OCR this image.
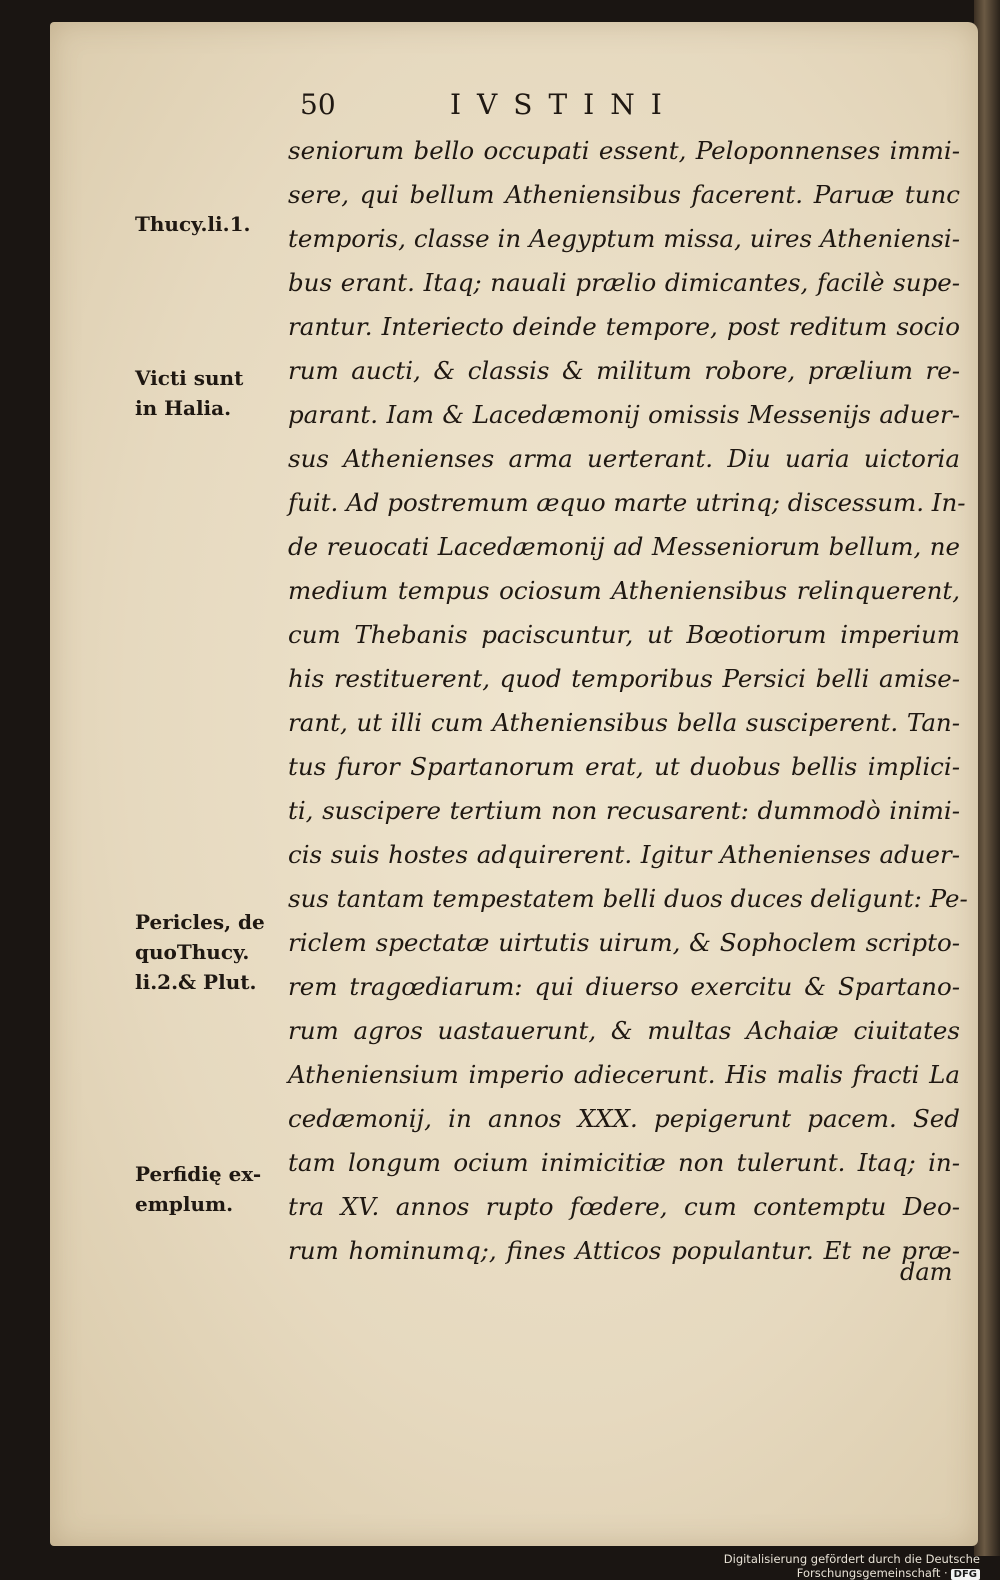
50	IVSTINI
Thucy.li.1.
Victi sunt
in Halia.
Pericles, de
quoThucy.
li.2.& Plut.
Perfidię ex-
emplum.
seniorum bello occupati essent, Peloponnenses immi-
sere, qui bellum Atheniensibus facerent. Paruæ tunc
temporis, classe in Aegyptum missa, uires Atheniensi-
bus erant. Itaq; nauali prælio dimicantes, facilè supe-
rantur. Interiecto deinde tempore, post reditum socio
rum aucti, & classis & militum robore, prælium re-
parant. Iam & Lacedæmonij omissis Messenijs aduer-
sus Athenienses arma uerterant. Diu uaria uictoria
fuit. Ad postremum æquo marte utrinq; discessum. In-
de reuocati Lacedæmonij ad Messeniorum bellum, ne
medium tempus ociosum Atheniensibus relinquerent,
cum Thebanis paciscuntur, ut Bœotiorum imperium
his restituerent, quod temporibus Persici belli amise-
rant, ut illi cum Atheniensibus bella susciperent. Tan-
tus furor Spartanorum erat, ut duobus bellis implici-
ti, suscipere tertium non recusarent: dummodò inimi-
cis suis hostes adquirerent. Igitur Athenienses aduer-
sus tantam tempestatem belli duos duces deligunt: Pe-
riclem spectatæ uirtutis uirum, & Sophoclem scripto-
rem tragœdiarum: qui diuerso exercitu & Spartano-
rum agros uastauerunt, & multas Achaiæ ciuitates
Atheniensium imperio adiecerunt. His malis fracti La
cedæmonij, in annos XXX. pepigerunt pacem. Sed
tam longum ocium inimicitiæ non tulerunt. Itaq; in-
tra XV. annos rupto fœdere, cum contemptu Deo-
rum hominumq;, fines Atticos populantur. Et ne præ-
dam
Digitalisierung gefördert durch die Deutsche Forschungsgemeinschaft · DFG
